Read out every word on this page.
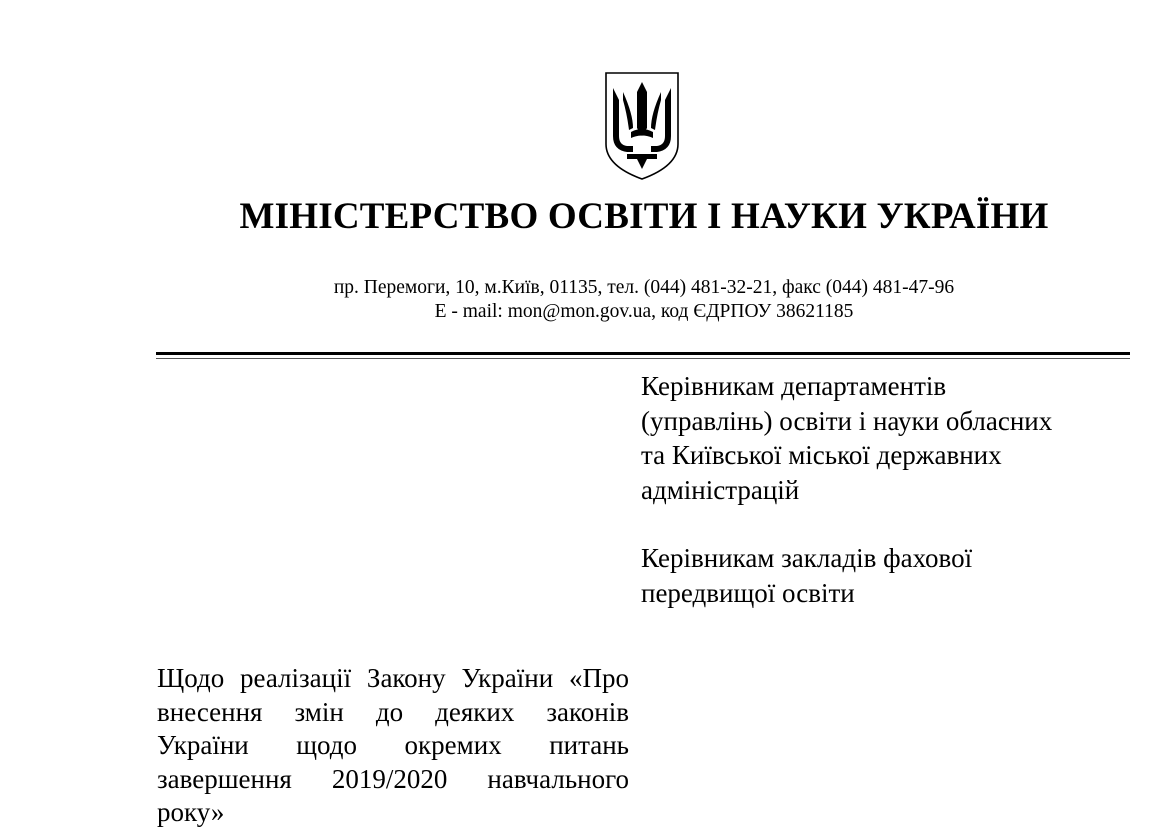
МІНІСТЕРСТВО ОСВІТИ І НАУКИ УКРАЇНИ
пр. Перемоги, 10, м.Київ, 01135, тел. (044) 481-32-21, факс (044) 481-47-96
E - mail: mon@mon.gov.ua, код ЄДРПОУ 38621185
Керівникам департаментів
(управлінь) освіти і науки обласних
та Київської міської державних
адміністрацій
Керівникам закладів фахової
передвищої освіти
Щодо реалізації Закону України «Про
внесення змін до деяких законів
України щодо окремих питань
завершення 2019/2020 навчального
року»
